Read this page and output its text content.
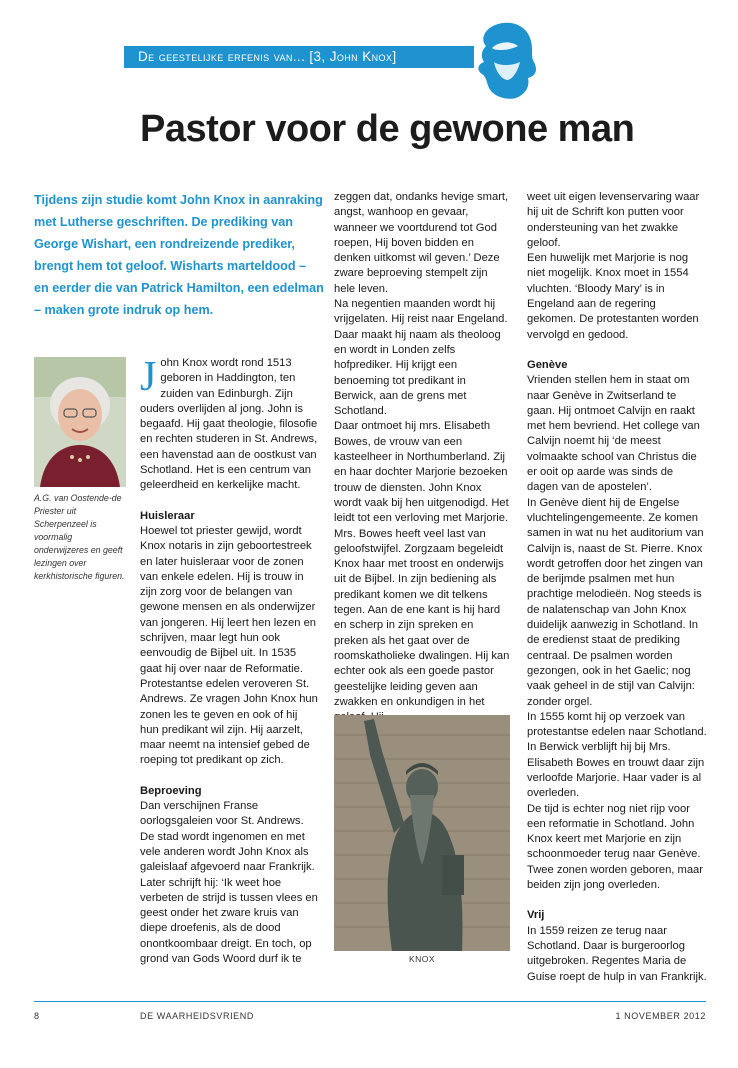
De geestelijke erfenis van... [3, John Knox]
Pastor voor de gewone man
Tijdens zijn studie komt John Knox in aanraking met Lutherse geschriften. De prediking van George Wishart, een rondreizende prediker, brengt hem tot geloof. Wisharts marteldood – en eerder die van Patrick Hamilton, een edelman – maken grote indruk op hem.
A.G. van Oostende-de Priester uit Scherpenzeel is voormalig onderwijzeres en geeft lezingen over kerkhistorische figuren.

John Knox wordt rond 1513 geboren in Haddington, ten zuiden van Edinburgh. Zijn ouders overlijden al jong. John is begaafd. Hij gaat theologie, filosofie en rechten studeren in St. Andrews, een havenstad aan de oostkust van Schotland. Het is een centrum van geleerdheid en kerkelijke macht.

Huisleraar

Hoewel tot priester gewijd, wordt Knox notaris in zijn geboortestreek en later huisleraar voor de zonen van enkele edelen. Hij is trouw in zijn zorg voor de belangen van gewone mensen en als onderwijzer van jongeren. Hij leert hen lezen en schrijven, maar legt hun ook eenvoudig de Bijbel uit. In 1535 gaat hij over naar de Reformatie. Protestantse edelen veroveren St. Andrews. Ze vragen John Knox hun zonen les te geven en ook of hij hun predikant wil zijn. Hij aarzelt, maar neemt na intensief gebed de roeping tot predikant op zich.

Beproeving

Dan verschijnen Franse oorlogsgaleien voor St. Andrews. De stad wordt ingenomen en met vele anderen wordt John Knox als galeislaaf afgevoerd naar Frankrijk. Later schrijft hij: ‘Ik weet hoe verbeten de strijd is tussen vlees en geest onder het zware kruis van diepe droefenis, als de dood onontkoombaar dreigt. En toch, op grond van Gods Woord durf ik te

zeggen dat, ondanks hevige smart, angst, wanhoop en gevaar, wanneer we voortdurend tot God roepen, Hij boven bidden en denken uitkomst wil geven.’ Deze zware beproeving stempelt zijn hele leven.

Na negentien maanden wordt hij vrijgelaten. Hij reist naar Engeland. Daar maakt hij naam als theoloog en wordt in Londen zelfs hofprediker. Hij krijgt een benoeming tot predikant in Berwick, aan de grens met Schotland.

Daar ontmoet hij mrs. Elisabeth Bowes, de vrouw van een kasteelheer in Northumberland. Zij en haar dochter Marjorie bezoeken trouw de diensten. John Knox wordt vaak bij hen uitgenodigd. Het leidt tot een verloving met Marjorie.

Mrs. Bowes heeft veel last van geloofstwijfel. Zorgzaam begeleidt Knox haar met troost en onderwijs uit de Bijbel. In zijn bediening als predikant komen we dit telkens tegen. Aan de ene kant is hij hard en scherp in zijn spreken en preken als het gaat over de roomskatholieke dwalingen. Hij kan echter ook als een goede pastor geestelijke leiding geven aan zwakken en onkundigen in het

KNOX

weet uit eigen levenservaring waar hij uit de Schrift kon putten voor ondersteuning van het zwakke geloof.

Een huwelijk met Marjorie is nog niet mogelijk. Knox moet in 1554 vluchten. ‘Bloody Mary’ is in Engeland aan de regering gekomen. De protestanten worden vervolgd en gedood.

Genève

Vrienden stellen hem in staat om naar Genève in Zwitserland te gaan. Hij ontmoet Calvijn en raakt met hem bevriend. Het college van Calvijn noemt hij ‘de meest volmaakte school van Christus die er ooit op aarde was sinds de dagen van de apostelen’.

In Genève dient hij de Engelse vluchtelingengemeente. Ze komen samen in wat nu het auditorium van Calvijn is, naast de St. Pierre. Knox wordt getroffen door het zingen van de berijmde psalmen met hun prachtige melodieën. Nog steeds is de nalatenschap van John Knox duidelijk aanwezig in Schotland. In de eredienst staat de prediking centraal. De psalmen worden gezongen, ook in het Gaelic; nog vaak geheel in de stijl van Calvijn: zonder orgel.

In 1555 komt hij op verzoek van protestantse edelen naar Schotland. In Berwick verblijft hij bij Mrs. Elisabeth Bowes en trouwt daar zijn verloofde Marjorie. Haar vader is al overleden.

De tijd is echter nog niet rijp voor een reformatie in Schotland. John Knox keert met Marjorie en zijn schoonmoeder terug naar Genève. Twee zonen worden geboren, maar beiden zijn jong overleden.

Vrij

In 1559 reizen ze terug naar Schotland. Daar is burgeroorlog uitgebroken. Regentes Maria de Guise roept de hulp in van Frankrijk.

8	DE WAARHEIDSVRIEND	1 NOVEMBER 2012
